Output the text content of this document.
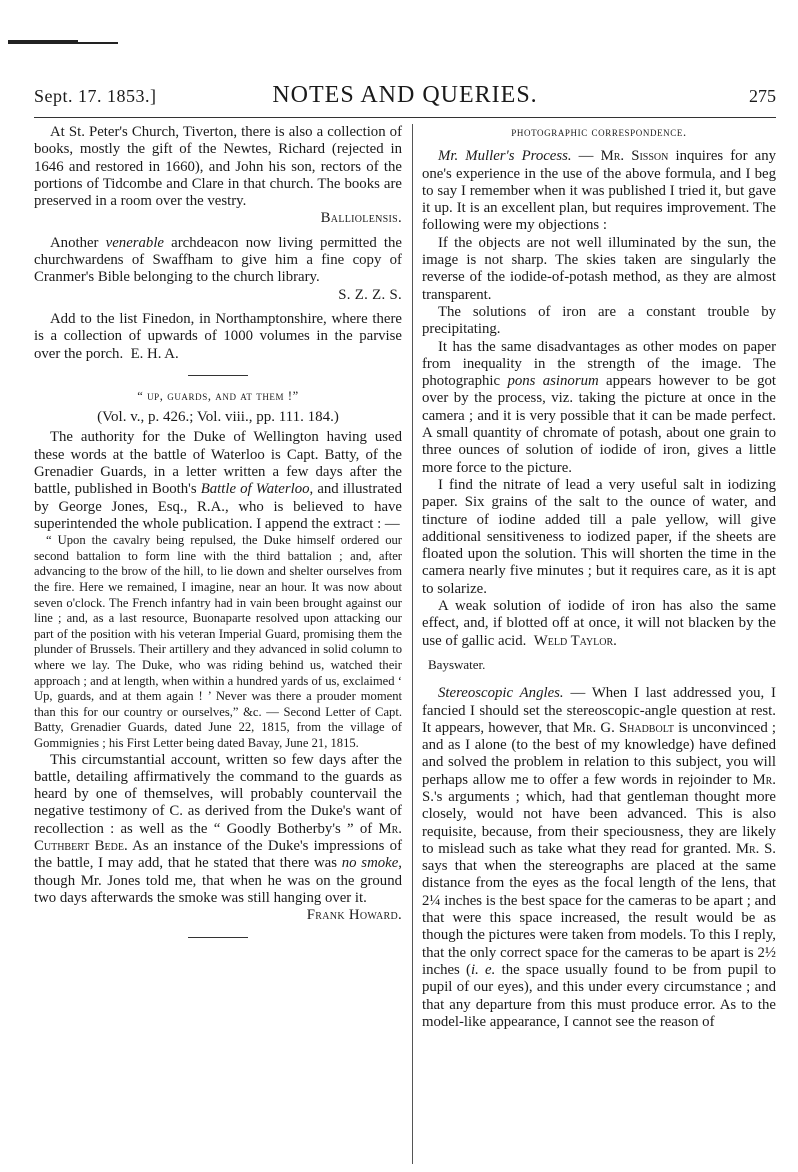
Sept. 17. 1853.]	NOTES AND QUERIES.	275

At St. Peter's Church, Tiverton, there is also a collection of books, mostly the gift of the Newtes, Richard (rejected in 1646 and restored in 1660), and John his son, rectors of the portions of Tidcombe and Clare in that church. The books are preserved in a room over the vestry.

Balliolensis.

Another venerable archdeacon now living permitted the churchwardens of Swaffham to give him a fine copy of Cranmer's Bible belonging to the church library.

S. Z. Z. S.

Add to the list Finedon, in Northamptonshire, where there is a collection of upwards of 1000 volumes in the parvise over the porch. E. H. A.

“ up, guards, and at them !”
(Vol. v., p. 426.; Vol. viii., pp. 111. 184.)

The authority for the Duke of Wellington having used these words at the battle of Waterloo is Capt. Batty, of the Grenadier Guards, in a letter written a few days after the battle, published in Booth's Battle of Waterloo, and illustrated by George Jones, Esq., R.A., who is believed to have superintended the whole publication. I append the extract : —

“ Upon the cavalry being repulsed, the Duke himself ordered our second battalion to form line with the third battalion ; and, after advancing to the brow of the hill, to lie down and shelter ourselves from the fire. Here we remained, I imagine, near an hour. It was now about seven o'clock. The French infantry had in vain been brought against our line ; and, as a last resource, Buonaparte resolved upon attacking our part of the position with his veteran Imperial Guard, promising them the plunder of Brussels. Their artillery and they advanced in solid column to where we lay. The Duke, who was riding behind us, watched their approach ; and at length, when within a hundred yards of us, exclaimed ‘ Up, guards, and at them again ! ’ Never was there a prouder moment than this for our country or ourselves,” &c. — Second Letter of Capt. Batty, Grenadier Guards, dated June 22, 1815, from the village of Gommignies ; his First Letter being dated Bavay, June 21, 1815.

This circumstantial account, written so few days after the battle, detailing affirmatively the command to the guards as heard by one of themselves, will probably countervail the negative testimony of C. as derived from the Duke's want of recollection : as well as the “ Goodly Botherby's ” of Mr. Cuthbert Bede. As an instance of the Duke's impressions of the battle, I may add, that he stated that there was no smoke, though Mr. Jones told me, that when he was on the ground two days afterwards the smoke was still hanging over it.

Frank Howard.
photographic correspondence.

Mr. Muller's Process. — Mr. Sisson inquires for any one's experience in the use of the above formula, and I beg to say I remember when it was published I tried it, but gave it up. It is an excellent plan, but requires improvement. The following were my objections :

If the objects are not well illuminated by the sun, the image is not sharp. The skies taken are singularly the reverse of the iodide-of-potash method, as they are almost transparent.

The solutions of iron are a constant trouble by precipitating.

It has the same disadvantages as other modes on paper from inequality in the strength of the image. The photographic pons asinorum appears however to be got over by the process, viz. taking the picture at once in the camera ; and it is very possible that it can be made perfect. A small quantity of chromate of potash, about one grain to three ounces of solution of iodide of iron, gives a little more force to the picture.

I find the nitrate of lead a very useful salt in iodizing paper. Six grains of the salt to the ounce of water, and tincture of iodine added till a pale yellow, will give additional sensitiveness to iodized paper, if the sheets are floated upon the solution. This will shorten the time in the camera nearly five minutes ; but it requires care, as it is apt to solarize.

A weak solution of iodide of iron has also the same effect, and, if blotted off at once, it will not blacken by the use of gallic acid. Weld Taylor.

Bayswater.

Stereoscopic Angles. — When I last addressed you, I fancied I should set the stereoscopic-angle question at rest. It appears, however, that Mr. G. Shadbolt is unconvinced ; and as I alone (to the best of my knowledge) have defined and solved the problem in relation to this subject, you will perhaps allow me to offer a few words in rejoinder to Mr. S.'s arguments ; which, had that gentleman thought more closely, would not have been advanced. This is also requisite, because, from their speciousness, they are likely to mislead such as take what they read for granted. Mr. S. says that when the stereographs are placed at the same distance from the eyes as the focal length of the lens, that 2¼ inches is the best space for the cameras to be apart ; and that were this space increased, the result would be as though the pictures were taken from models. To this I reply, that the only correct space for the cameras to be apart is 2½ inches (i. e. the space usually found to be from pupil to pupil of our eyes), and this under every circumstance ; and that any departure from this must produce error. As to the model-like appearance, I cannot see the reason of
